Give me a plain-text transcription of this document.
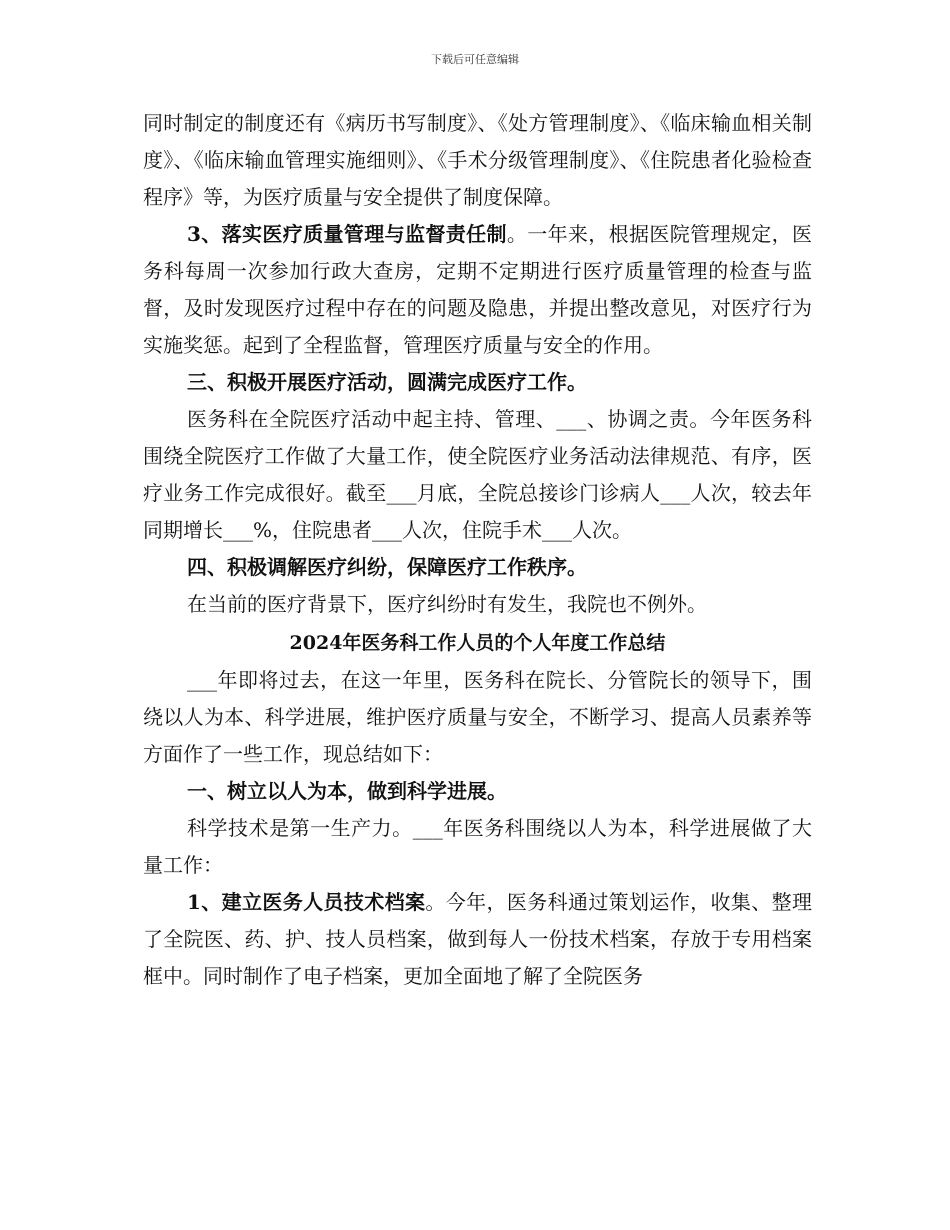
下载后可任意编辑

同时制定的制度还有《病历书写制度》、《处方管理制度》、《临床输血相关制度》、《临床输血管理实施细则》、《手术分级管理制度》、《住院患者化验检查程序》等，为医疗质量与安全提供了制度保障。

3、落实医疗质量管理与监督责任制。一年来，根据医院管理规定，医务科每周一次参加行政大查房，定期不定期进行医疗质量管理的检查与监督，及时发现医疗过程中存在的问题及隐患，并提出整改意见，对医疗行为实施奖惩。起到了全程监督，管理医疗质量与安全的作用。

三、积极开展医疗活动，圆满完成医疗工作。

医务科在全院医疗活动中起主持、管理、___、协调之责。今年医务科围绕全院医疗工作做了大量工作，使全院医疗业务活动法律规范、有序，医疗业务工作完成很好。截至___月底，全院总接诊门诊病人___人次，较去年同期增长___%，住院患者___人次，住院手术___人次。

四、积极调解医疗纠纷，保障医疗工作秩序。

在当前的医疗背景下，医疗纠纷时有发生，我院也不例外。

2024年医务科工作人员的个人年度工作总结

___年即将过去，在这一年里，医务科在院长、分管院长的领导下，围绕以人为本、科学进展，维护医疗质量与安全，不断学习、提高人员素养等方面作了一些工作，现总结如下：

一、树立以人为本，做到科学进展。

科学技术是第一生产力。___年医务科围绕以人为本，科学进展做了大量工作：

1、建立医务人员技术档案。今年，医务科通过策划运作，收集、整理了全院医、药、护、技人员档案，做到每人一份技术档案，存放于专用档案框中。同时制作了电子档案，更加全面地了解了全院医务
